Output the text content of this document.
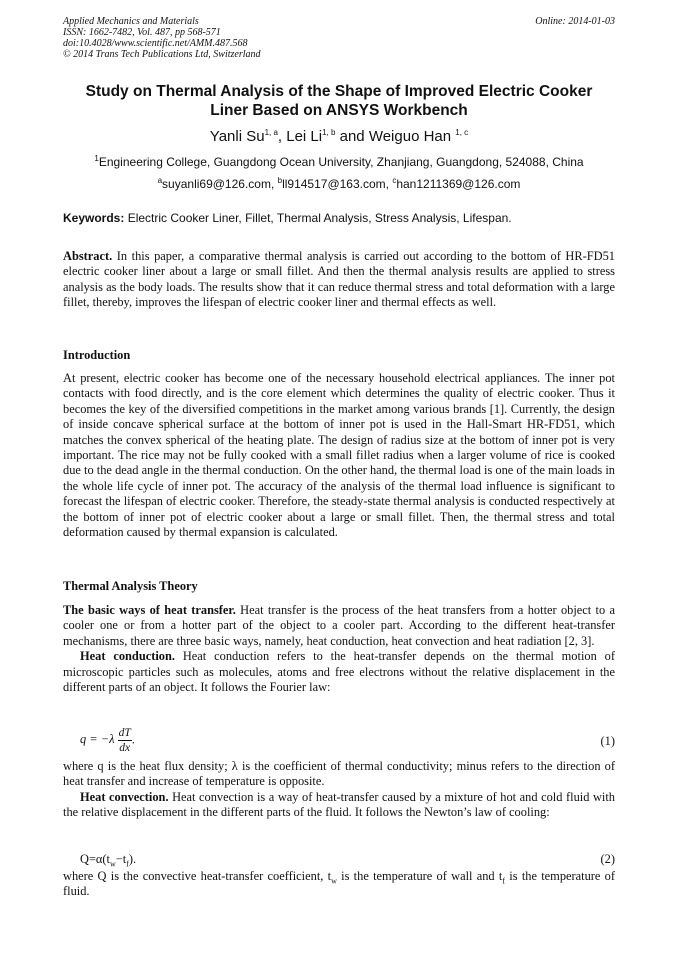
Applied Mechanics and Materials
ISSN: 1662-7482, Vol. 487, pp 568-571
doi:10.4028/www.scientific.net/AMM.487.568
© 2014 Trans Tech Publications Ltd, Switzerland
Online: 2014-01-03
Study on Thermal Analysis of the Shape of Improved Electric Cooker
Liner Based on ANSYS Workbench
Yanli Su$^{1, a}$, Lei Li$^{1, b}$ and Weiguo Han $^{1, c}$
$^1$Engineering College, Guangdong Ocean University, Zhanjiang, Guangdong, 524088, China
$^a$suyanli69@126.com, $^b$ll914517@163.com, $^c$han1211369@126.com
Keywords: Electric Cooker Liner, Fillet, Thermal Analysis, Stress Analysis, Lifespan.

Abstract. In this paper, a comparative thermal analysis is carried out according to the bottom of HR-FD51 electric cooker liner about a large or small fillet. And then the thermal analysis results are applied to stress analysis as the body loads. The results show that it can reduce thermal stress and total deformation with a large fillet, thereby, improves the lifespan of electric cooker liner and thermal effects as well.

Introduction

At present, electric cooker has become one of the necessary household electrical appliances. The inner pot contacts with food directly, and is the core element which determines the quality of electric cooker. Thus it becomes the key of the diversified competitions in the market among various brands [1]. Currently, the design of inside concave spherical surface at the bottom of inner pot is used in the Hall-Smart HR-FD51, which matches the convex spherical of the heating plate. The design of radius size at the bottom of inner pot is very important. The rice may not be fully cooked with a small fillet radius when a larger volume of rice is cooked due to the dead angle in the thermal conduction. On the other hand, the thermal load is one of the main loads in the whole life cycle of inner pot. The accuracy of the analysis of the thermal load influence is significant to forecast the lifespan of electric cooker. Therefore, the steady-state thermal analysis is conducted respectively at the bottom of inner pot of electric cooker about a large or small fillet. Then, the thermal stress and total deformation caused by thermal expansion is calculated.

Thermal Analysis Theory

The basic ways of heat transfer. Heat transfer is the process of the heat transfers from a hotter object to a cooler one or from a hotter part of the object to a cooler part. According to the different heat-transfer mechanisms, there are three basic ways, namely, heat conduction, heat convection and heat radiation [2, 3].

Heat conduction. Heat conduction refers to the heat-transfer depends on the thermal motion of microscopic particles such as molecules, atoms and free electrons without the relative displacement in the different parts of an object. It follows the Fourier law:

$q = -\lambda \frac{dT}{dx}$ .	(1)

where q is the heat flux density; λ is the coefficient of thermal conductivity; minus refers to the direction of heat transfer and increase of temperature is opposite.

Heat convection. Heat convection is a way of heat-transfer caused by a mixture of hot and cold fluid with the relative displacement in the different parts of the fluid. It follows the Newton’s law of cooling:

$Q=\alpha(t_w-t_f)$.	(2)

where Q is the convective heat-transfer coefficient, $t_w$ is the temperature of wall and $t_f$ is the temperature of fluid.
